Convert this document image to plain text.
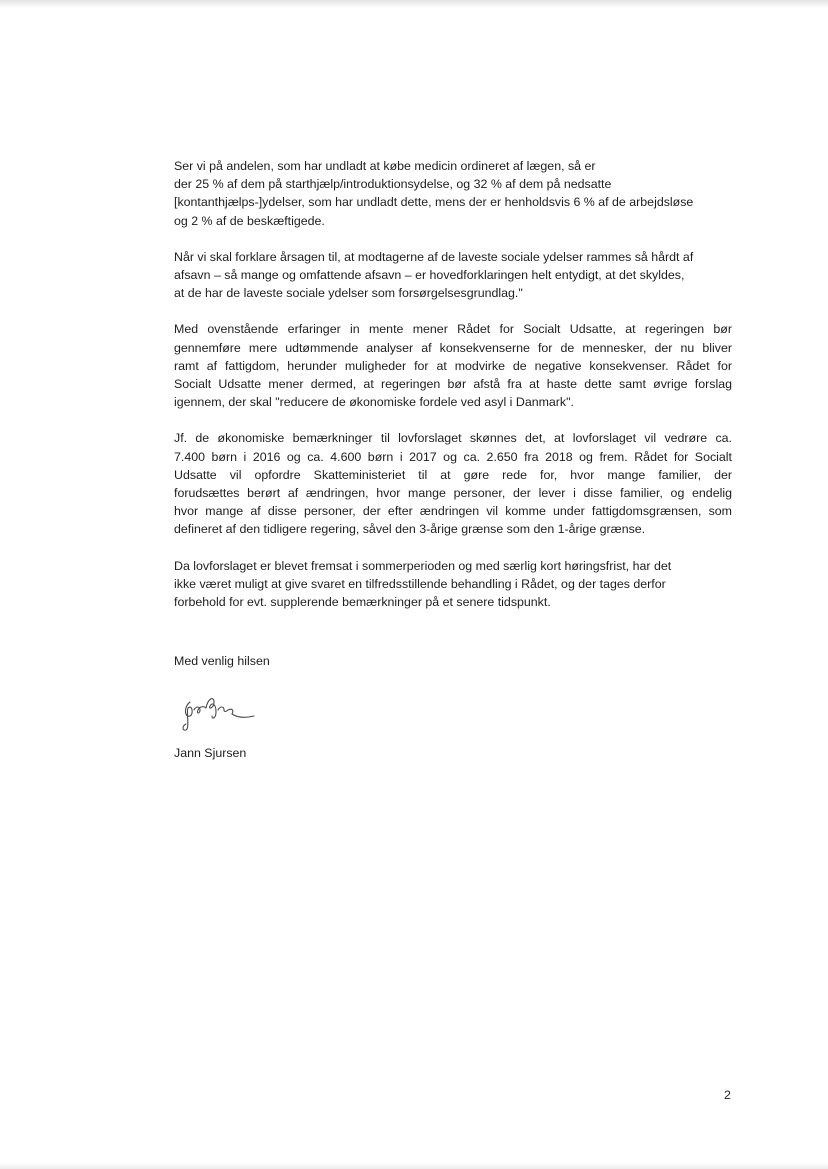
Ser vi på andelen, som har undladt at købe medicin ordineret af lægen, så er
der 25 % af dem på starthjælp/introduktionsydelse, og 32 % af dem på nedsatte
[kontanthjælps-]ydelser, som har undladt dette, mens der er henholdsvis 6 % af de arbejdsløse
og 2 % af de beskæftigede.

Når vi skal forklare årsagen til, at modtagerne af de laveste sociale ydelser rammes så hårdt af
afsavn – så mange og omfattende afsavn – er hovedforklaringen helt entydigt, at det skyldes,
at de har de laveste sociale ydelser som forsørgelsesgrundlag."

Med ovenstående erfaringer in mente mener Rådet for Socialt Udsatte, at regeringen bør
gennemføre mere udtømmende analyser af konsekvenserne for de mennesker, der nu bliver
ramt af fattigdom, herunder muligheder for at modvirke de negative konsekvenser. Rådet for
Socialt Udsatte mener dermed, at regeringen bør afstå fra at haste dette samt øvrige forslag
igennem, der skal "reducere de økonomiske fordele ved asyl i Danmark".

Jf. de økonomiske bemærkninger til lovforslaget skønnes det, at lovforslaget vil vedrøre ca.
7.400 børn i 2016 og ca. 4.600 børn i 2017 og ca. 2.650 fra 2018 og frem. Rådet for Socialt
Udsatte vil opfordre Skatteministeriet til at gøre rede for, hvor mange familier, der
forudsættes berørt af ændringen, hvor mange personer, der lever i disse familier, og endelig
hvor mange af disse personer, der efter ændringen vil komme under fattigdomsgrænsen, som
defineret af den tidligere regering, såvel den 3-årige grænse som den 1-årige grænse.

Da lovforslaget er blevet fremsat i sommerperioden og med særlig kort høringsfrist, har det
ikke været muligt at give svaret en tilfredsstillende behandling i Rådet, og der tages derfor
forbehold for evt. supplerende bemærkninger på et senere tidspunkt.

Med venlig hilsen

Jann Sjursen

2
